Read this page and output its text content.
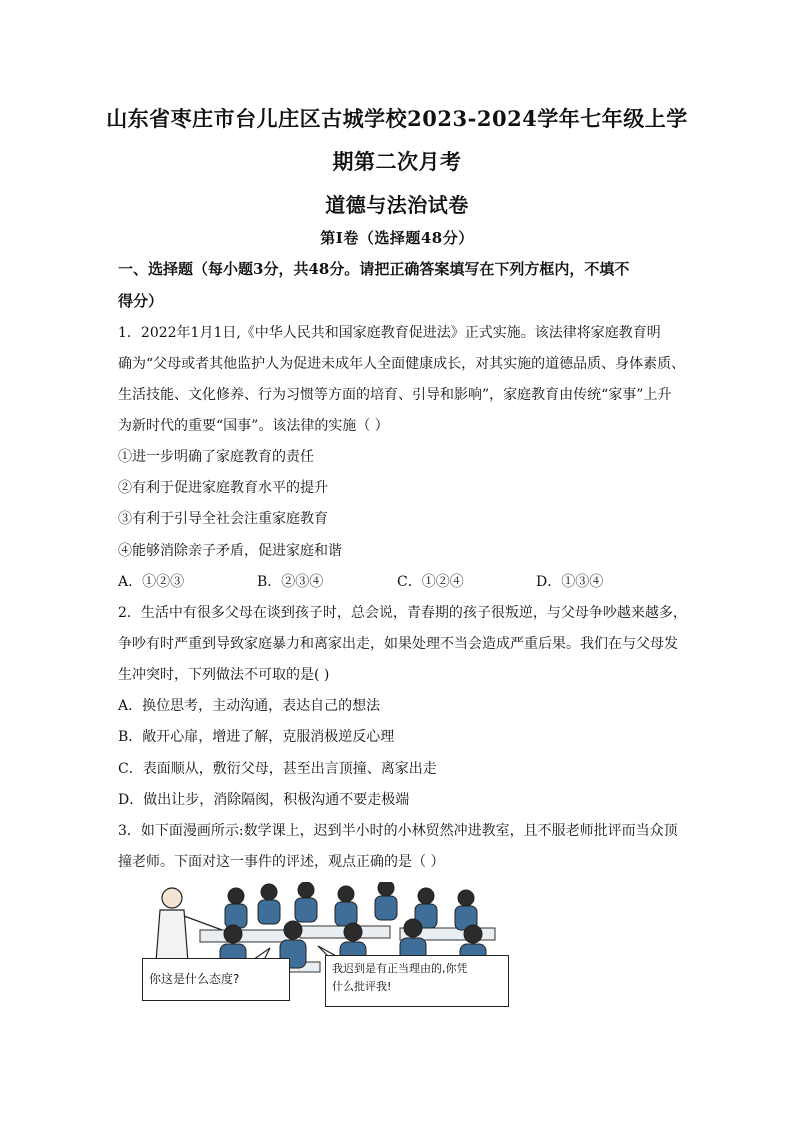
山东省枣庄市台儿庄区古城学校2023-2024学年七年级上学
期第二次月考
道德与法治试卷
第Ⅰ卷（选择题48分）
一、选择题（每小题3分，共48分。请把正确答案填写在下列方框内，不填不
得分）
1．2022年1月1日,《中华人民共和国家庭教育促进法》正式实施。该法律将家庭教育明
确为“父母或者其他监护人为促进未成年人全面健康成长，对其实施的道德品质、身体素质、
生活技能、文化修养、行为习惯等方面的培育、引导和影响”，家庭教育由传统“家事”上升
为新时代的重要“国事”。该法律的实施（ ）
①进一步明确了家庭教育的责任
②有利于促进家庭教育水平的提升
③有利于引导全社会注重家庭教育
④能够消除亲子矛盾，促进家庭和谐
A．①②③	B．②③④	C．①②④	D．①③④
2．生活中有很多父母在谈到孩子时，总会说，青春期的孩子很叛逆，与父母争吵越来越多，
争吵有时严重到导致家庭暴力和离家出走，如果处理不当会造成严重后果。我们在与父母发
生冲突时，下列做法不可取的是( )
A．换位思考，主动沟通，表达自己的想法
B．敞开心扉，增进了解，克服消极逆反心理
C．表面顺从，敷衍父母，甚至出言顶撞、离家出走
D．做出让步，消除隔阂，积极沟通不要走极端
3．如下面漫画所示:数学课上，迟到半小时的小林贸然冲进教室，且不服老师批评而当众顶
撞老师。下面对这一事件的评述，观点正确的是（ ）
你这是什么态度?
我迟到是有正当理由的,你凭
什么批评我!
